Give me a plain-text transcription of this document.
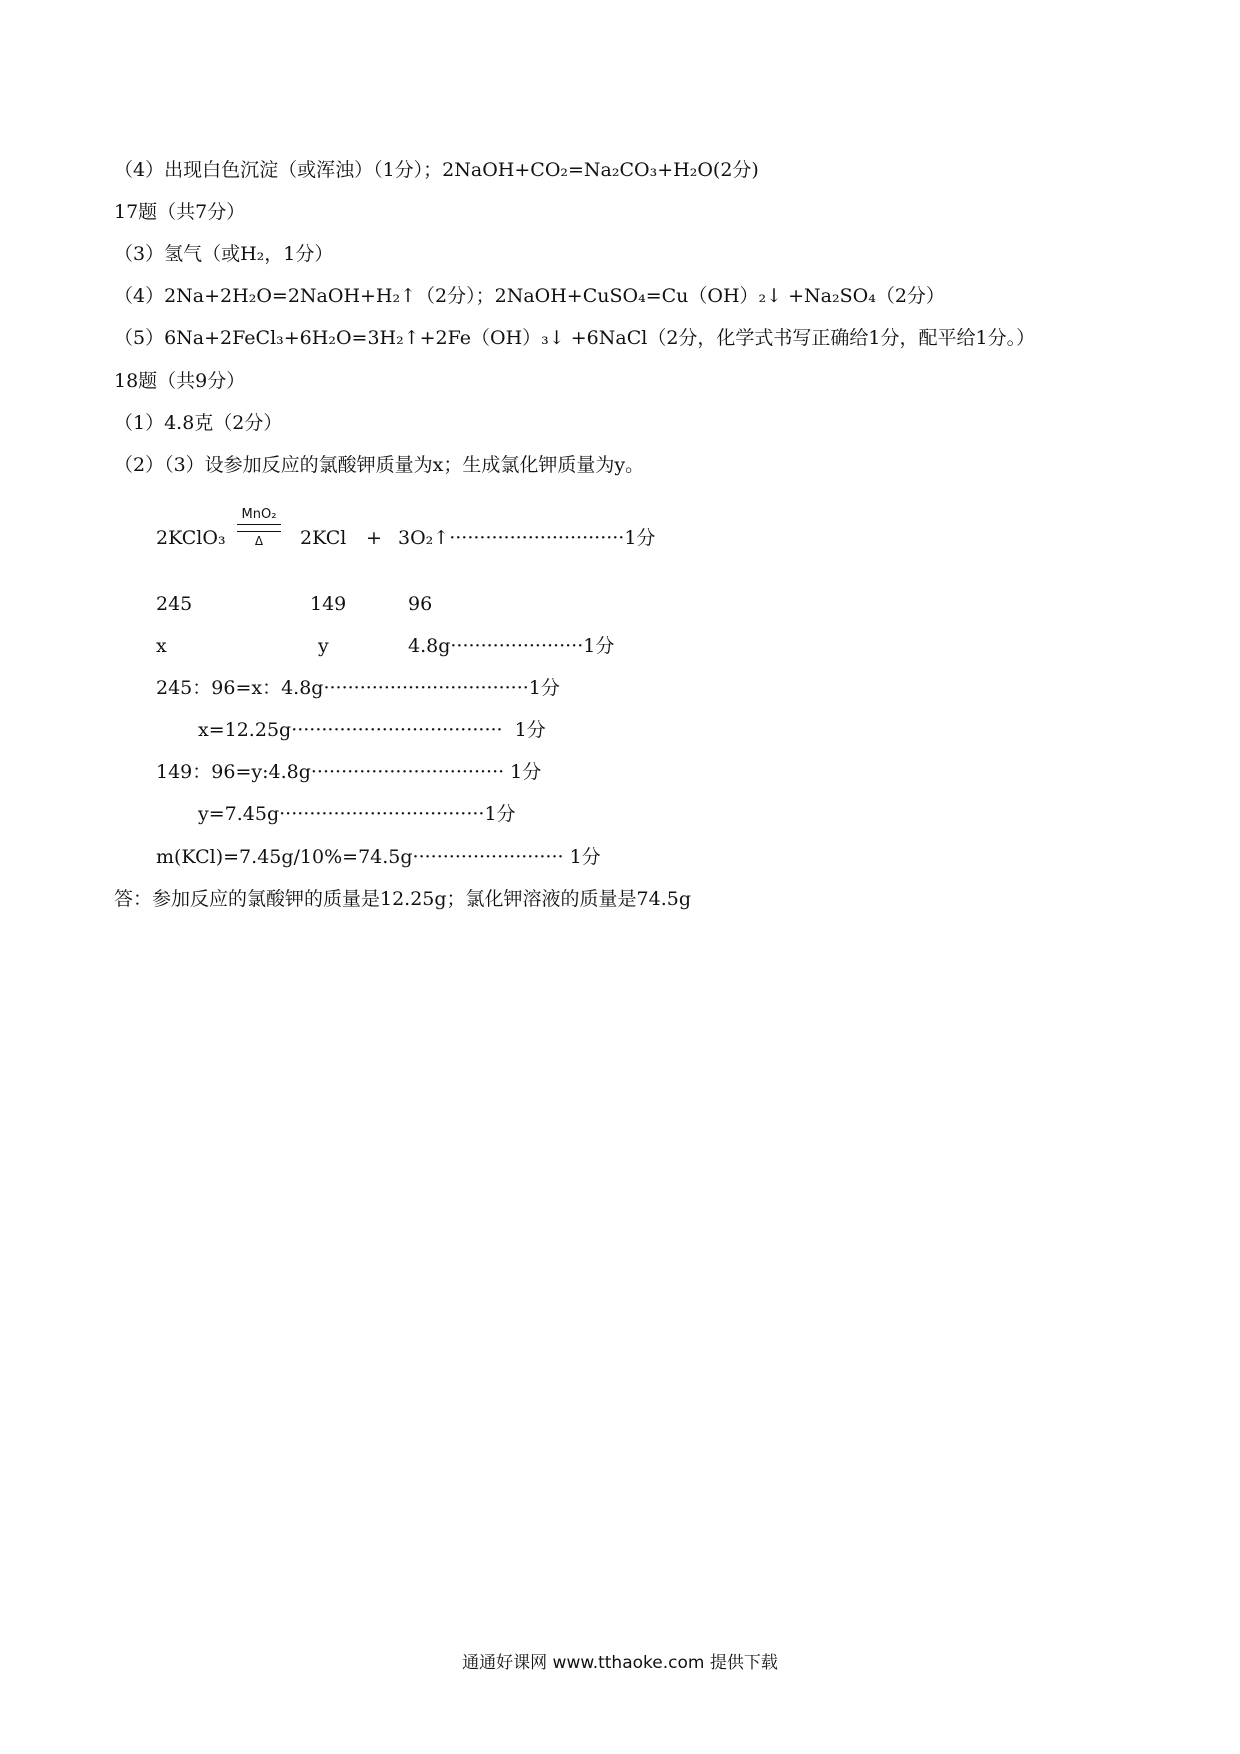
（4）出现白色沉淀（或浑浊）（1分）；2NaOH+CO₂=Na₂CO₃+H₂O(2分)
17题（共7分）
（3）氢气（或H₂，1分）
（4）2Na+2H₂O=2NaOH+H₂↑（2分）；2NaOH+CuSO₄=Cu（OH）₂↓ +Na₂SO₄（2分）
（5）6Na+2FeCl₃+6H₂O=3H₂↑+2Fe（OH）₃↓ +6NaCl（2分，化学式书写正确给1分，配平给1分。）
18题（共9分）
（1）4.8克（2分）
（2）（3）设参加反应的氯酸钾质量为x；生成氯化钾质量为y。
2KClO₃
MnO₂
Δ	2KCl + 3O₂↑·····························1分
245	149	96
x	y	4.8g······················1分
245：96=x：4.8g··································1分
x=12.25g···································  1分
149：96=y:4.8g································ 1分
y=7.45g··································1分
m(KCl)=7.45g/10%=74.5g························· 1分
答：参加反应的氯酸钾的质量是12.25g；氯化钾溶液的质量是74.5g
通通好课网 www.tthaoke.com 提供下载
